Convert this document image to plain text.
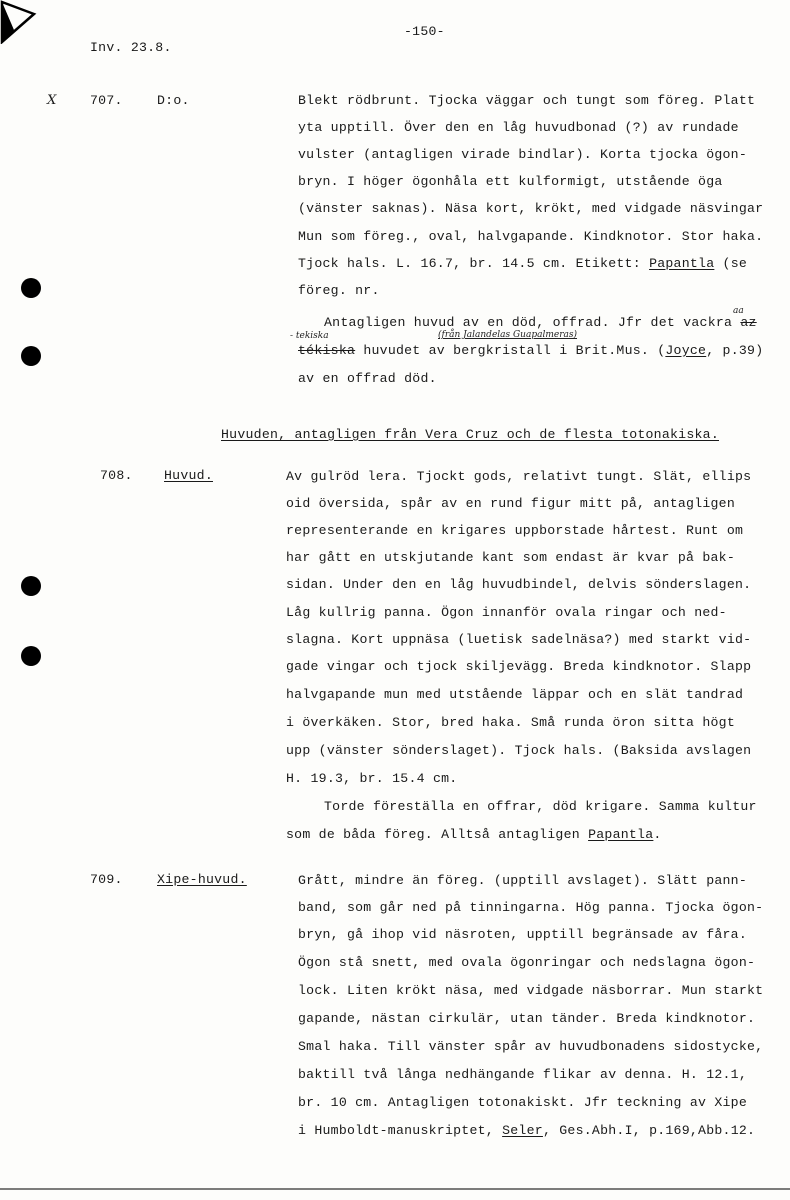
-150-
Inv. 23.8.
X	707.	D:o.	Blekt rödbrunt. Tjocka väggar och tungt som föreg. Platt
yta upptill. Över den en låg huvudbonad (?) av rundade
vulster (antagligen virade bindlar). Korta tjocka ögon-
bryn. I höger ögonhåla ett kulformigt, utstående öga
(vänster saknas). Näsa kort, krökt, med vidgade näsvingar
Mun som föreg., oval, halvgapande. Kindknotor. Stor haka.
Tjock hals. L. 16.7, br. 14.5 cm. Etikett: Papantla (se
föreg. nr.
aa
Antagligen huvud av en död, offrad. Jfr det vackra az
- tekiska	(från Jalandelas Guapalmeras)
tékiska huvudet av bergkristall i Brit.Mus. (Joyce, p.39)
av en offrad död.
Huvuden, antagligen från Vera Cruz och de flesta totonakiska.
708. Huvud.	Av gulröd lera. Tjockt gods, relativt tungt. Slät, ellips
oid översida, spår av en rund figur mitt på, antagligen
representerande en krigares uppborstade hårtest. Runt om
har gått en utskjutande kant som endast är kvar på bak-
sidan. Under den en låg huvudbindel, delvis sönderslagen.
Låg kullrig panna. Ögon innanför ovala ringar och ned-
slagna. Kort uppnäsa (luetisk sadelnäsa?) med starkt vid-
gade vingar och tjock skiljevägg. Breda kindknotor. Slapp
halvgapande mun med utstående läppar och en slät tandrad
i överkäken. Stor, bred haka. Små runda öron sitta högt
upp (vänster sönderslaget). Tjock hals. (Baksida avslagen
H. 19.3, br. 15.4 cm.
Torde föreställa en offrar, död krigare. Samma kultur
som de båda föreg. Alltså antagligen Papantla.
709.	Xipe-huvud.	Grått, mindre än föreg. (upptill avslaget). Slätt pann-
band, som går ned på tinningarna. Hög panna. Tjocka ögon-
bryn, gå ihop vid näsroten, upptill begränsade av fåra.
Ögon stå snett, med ovala ögonringar och nedslagna ögon-
lock. Liten krökt näsa, med vidgade näsborrar. Mun starkt
gapande, nästan cirkulär, utan tänder. Breda kindknotor.
Smal haka. Till vänster spår av huvudbonadens sidostycke,
baktill två långa nedhängande flikar av denna. H. 12.1,
br. 10 cm. Antagligen totonakiskt. Jfr teckning av Xipe
i Humboldt-manuskriptet, Seler, Ges.Abh.I, p.169,Abb.12.
